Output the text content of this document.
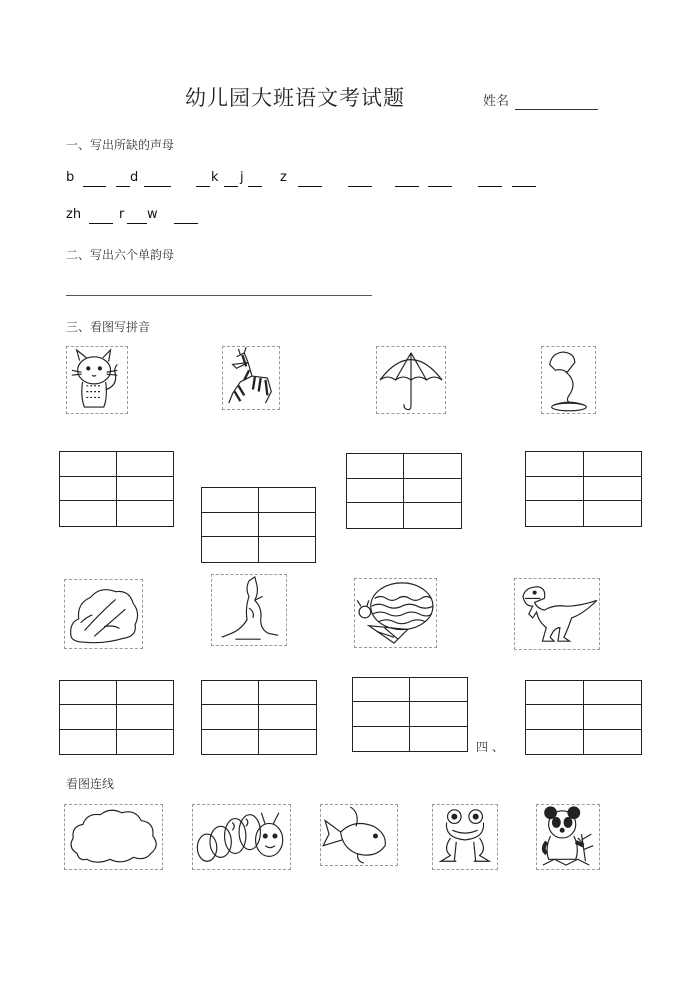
幼儿园大班语文考试题	姓名
一、写出所缺的声母
b	d	k j	z
zh	r w
二、写出六个单韵母
三、看图写拼音
四 、
看图连线
